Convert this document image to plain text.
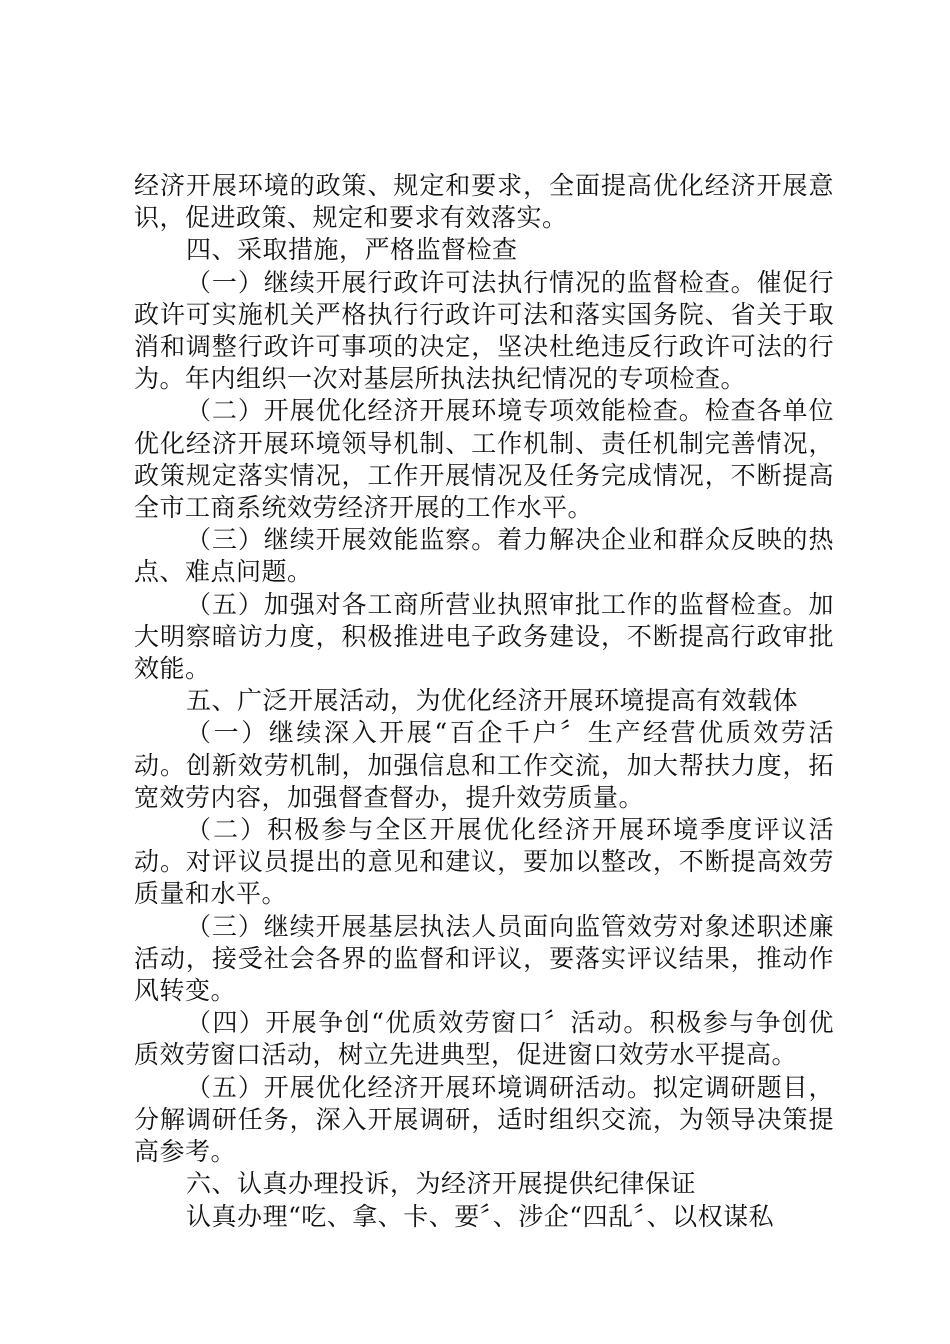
经济开展环境的政策、规定和要求，全面提高优化经济开展意识，促进政策、规定和要求有效落实。

四、采取措施，严格监督检查

（一）继续开展行政许可法执行情况的监督检查。催促行政许可实施机关严格执行行政许可法和落实国务院、省关于取消和调整行政许可事项的决定，坚决杜绝违反行政许可法的行为。年内组织一次对基层所执法执纪情况的专项检查。

（二）开展优化经济开展环境专项效能检查。检查各单位优化经济开展环境领导机制、工作机制、责任机制完善情况，政策规定落实情况，工作开展情况及任务完成情况，不断提高全市工商系统效劳经济开展的工作水平。

（三）继续开展效能监察。着力解决企业和群众反映的热点、难点问题。

（五）加强对各工商所营业执照审批工作的监督检查。加大明察暗访力度，积极推进电子政务建设，不断提高行政审批效能。

五、广泛开展活动，为优化经济开展环境提高有效载体

（一）继续深入开展“百企千户〞生产经营优质效劳活动。创新效劳机制，加强信息和工作交流，加大帮扶力度，拓宽效劳内容，加强督查督办，提升效劳质量。

（二）积极参与全区开展优化经济开展环境季度评议活动。对评议员提出的意见和建议，要加以整改，不断提高效劳质量和水平。

（三）继续开展基层执法人员面向监管效劳对象述职述廉活动，接受社会各界的监督和评议，要落实评议结果，推动作风转变。

（四）开展争创“优质效劳窗口〞活动。积极参与争创优质效劳窗口活动，树立先进典型，促进窗口效劳水平提高。

（五）开展优化经济开展环境调研活动。拟定调研题目，分解调研任务，深入开展调研，适时组织交流，为领导决策提高参考。

六、认真办理投诉，为经济开展提供纪律保证

认真办理“吃、拿、卡、要〞、涉企“四乱〞、以权谋私
